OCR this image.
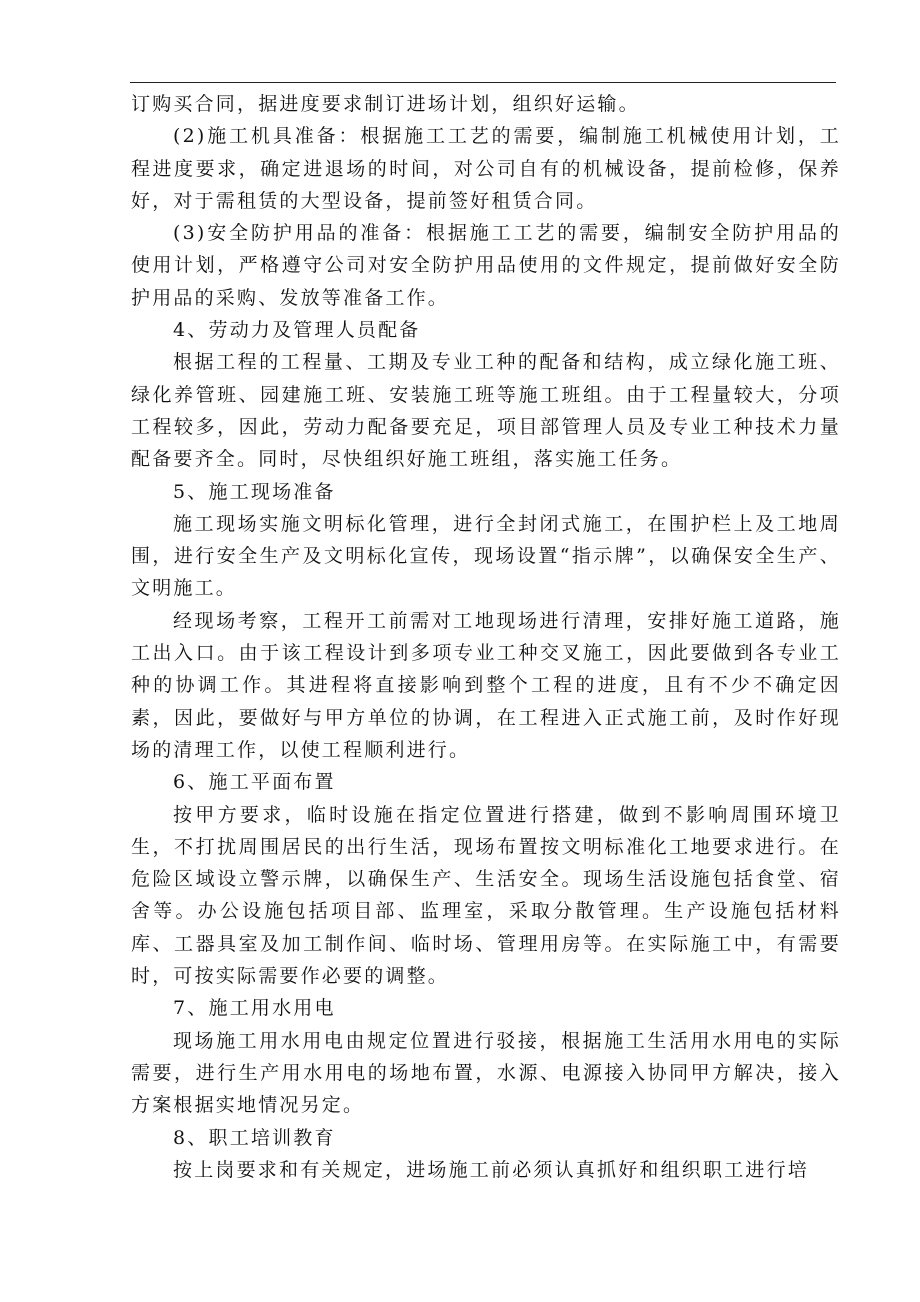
订购买合同，据进度要求制订进场计划，组织好运输。

(2)施工机具准备：根据施工工艺的需要，编制施工机械使用计划，工程进度要求，确定进退场的时间，对公司自有的机械设备，提前检修，保养好，对于需租赁的大型设备，提前签好租赁合同。

(3)安全防护用品的准备：根据施工工艺的需要，编制安全防护用品的使用计划，严格遵守公司对安全防护用品使用的文件规定，提前做好安全防护用品的采购、发放等准备工作。

4、劳动力及管理人员配备

根据工程的工程量、工期及专业工种的配备和结构，成立绿化施工班、绿化养管班、园建施工班、安装施工班等施工班组。由于工程量较大，分项工程较多，因此，劳动力配备要充足，项目部管理人员及专业工种技术力量配备要齐全。同时，尽快组织好施工班组，落实施工任务。

5、施工现场准备

施工现场实施文明标化管理，进行全封闭式施工，在围护栏上及工地周围，进行安全生产及文明标化宣传，现场设置“指示牌”，以确保安全生产、文明施工。

经现场考察，工程开工前需对工地现场进行清理，安排好施工道路，施工出入口。由于该工程设计到多项专业工种交叉施工，因此要做到各专业工种的协调工作。其进程将直接影响到整个工程的进度，且有不少不确定因素，因此，要做好与甲方单位的协调，在工程进入正式施工前，及时作好现场的清理工作，以使工程顺利进行。

6、施工平面布置

按甲方要求，临时设施在指定位置进行搭建，做到不影响周围环境卫生，不打扰周围居民的出行生活，现场布置按文明标准化工地要求进行。在危险区域设立警示牌，以确保生产、生活安全。现场生活设施包括食堂、宿舍等。办公设施包括项目部、监理室，采取分散管理。生产设施包括材料库、工器具室及加工制作间、临时场、管理用房等。在实际施工中，有需要时，可按实际需要作必要的调整。

7、施工用水用电

现场施工用水用电由规定位置进行驳接，根据施工生活用水用电的实际需要，进行生产用水用电的场地布置，水源、电源接入协同甲方解决，接入方案根据实地情况另定。

8、职工培训教育

按上岗要求和有关规定，进场施工前必须认真抓好和组织职工进行培
